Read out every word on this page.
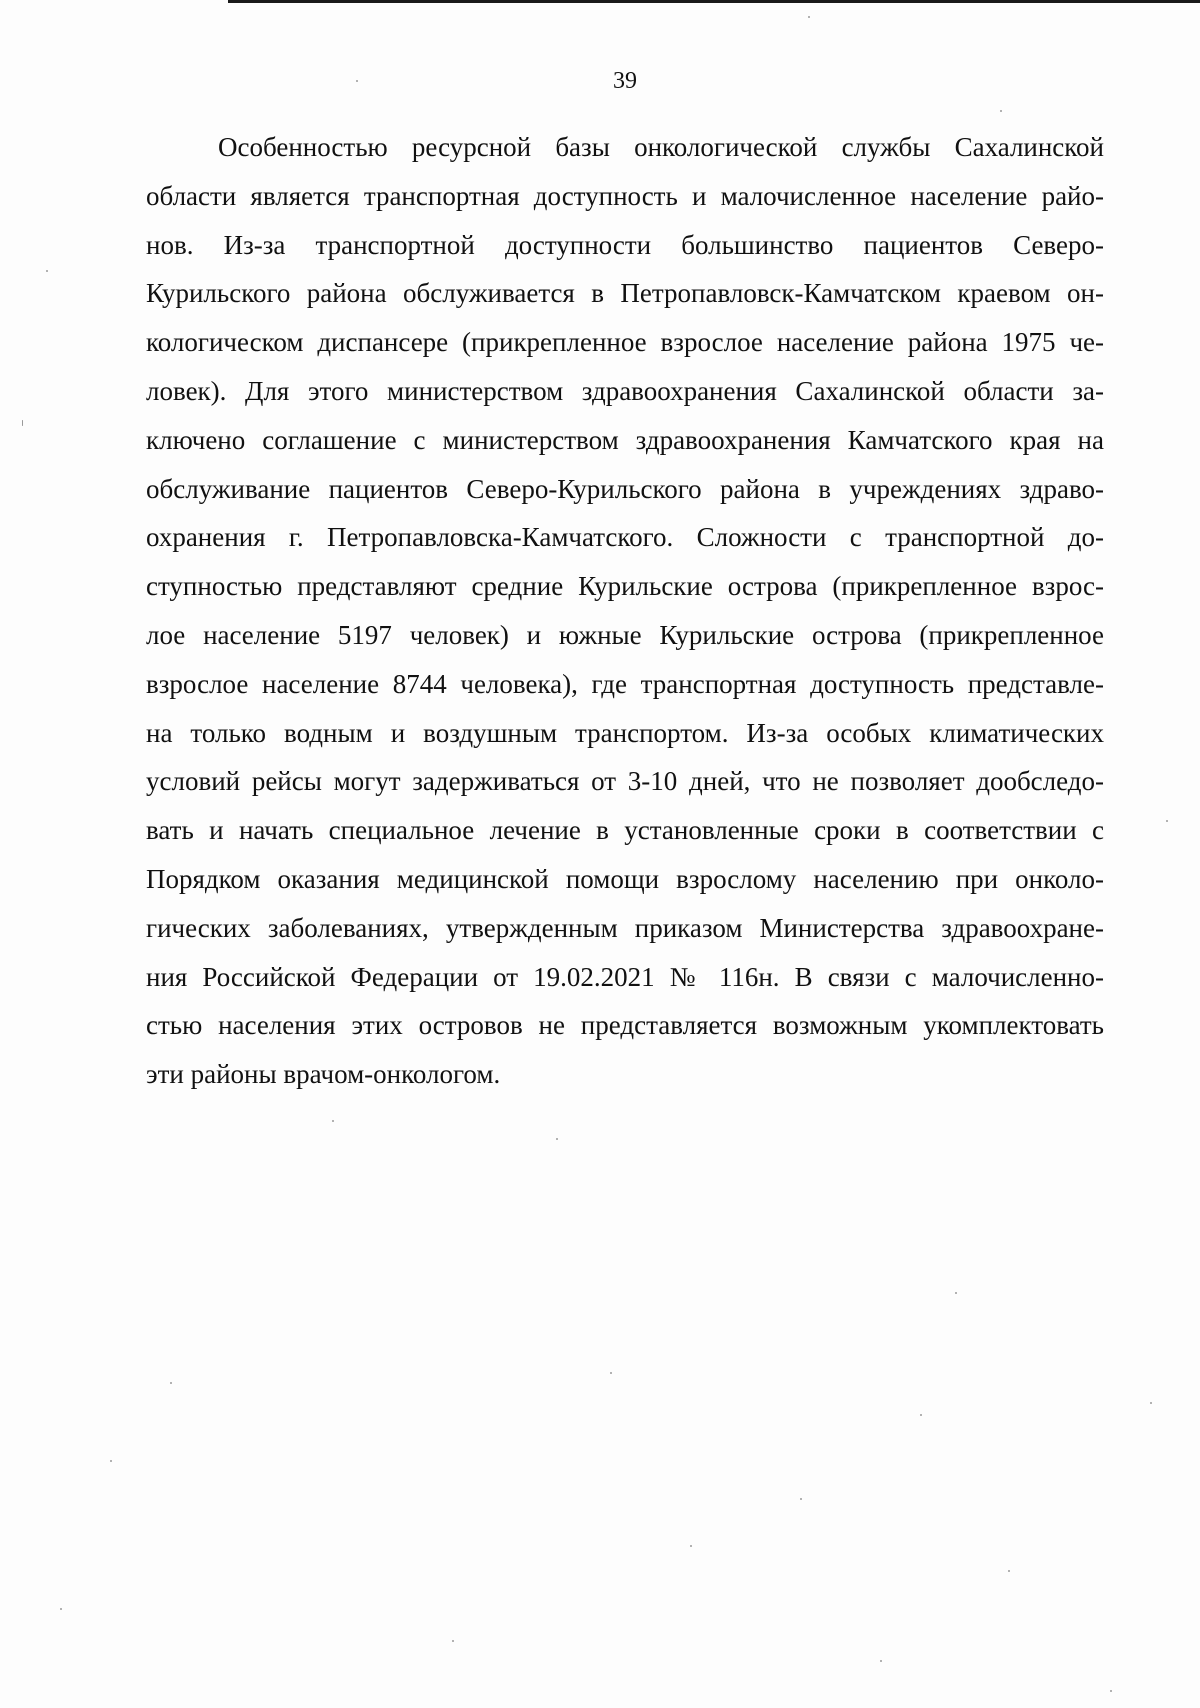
39
Особенностью ресурсной базы онкологической службы Сахалинской
области является транспортная доступность и малочисленное население райо-
нов. Из-за транспортной доступности большинство пациентов Северо-
Курильского района обслуживается в Петропавловск-Камчатском краевом он-
кологическом диспансере (прикрепленное взрослое население района 1975 че-
ловек). Для этого министерством здравоохранения Сахалинской области за-
ключено соглашение с министерством здравоохранения Камчатского края на
обслуживание пациентов Северо-Курильского района в учреждениях здраво-
охранения г. Петропавловска-Камчатского. Сложности с транспортной до-
ступностью представляют средние Курильские острова (прикрепленное взрос-
лое население 5197 человек) и южные Курильские острова (прикрепленное
взрослое население 8744 человека), где транспортная доступность представле-
на только водным и воздушным транспортом. Из-за особых климатических
условий рейсы могут задерживаться от 3-10 дней, что не позволяет дообследо-
вать и начать специальное лечение в установленные сроки в соответствии с
Порядком оказания медицинской помощи взрослому населению при онколо-
гических заболеваниях, утвержденным приказом Министерства здравоохране-
ния Российской Федерации от 19.02.2021 № 116н. В связи с малочисленно-
стью населения этих островов не представляется возможным укомплектовать
эти районы врачом-онкологом.
